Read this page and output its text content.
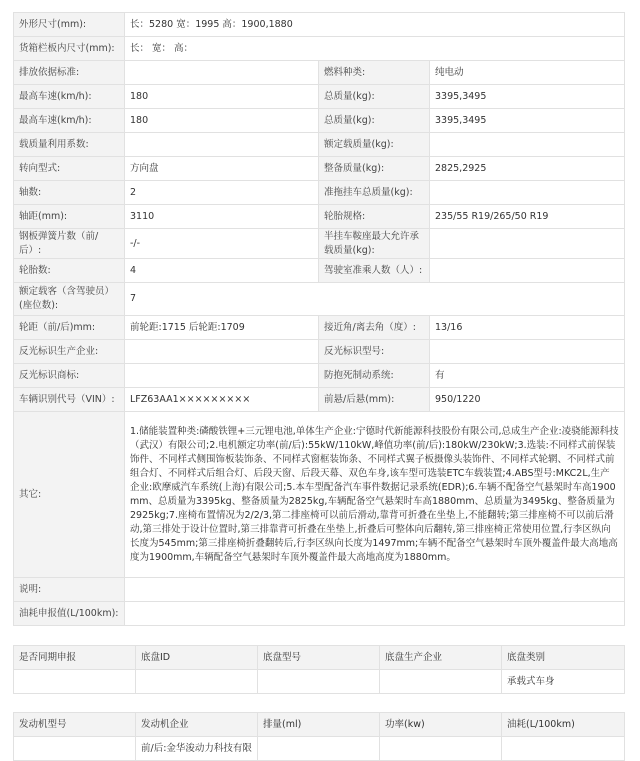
外形尺寸(mm):	长：5280 宽：1995 高：1900,1880		
货箱栏板内尺寸(mm):	长： 宽： 高：		
排放依据标准:		燃料种类:	纯电动
最高车速(km/h):	180	总质量(kg):	3395,3495
最高车速(km/h):	180	总质量(kg):	3395,3495
载质量利用系数:		额定载质量(kg):	
转向型式:	方向盘	整备质量(kg):	2825,2925
轴数:	2	准拖挂车总质量(kg):	
轴距(mm):	3110	轮胎规格:	235/55 R19/265/50 R19
钢板弹簧片数（前/后）:	-/-	半挂车鞍座最大允许承载质量(kg):	
轮胎数:	4	驾驶室准乘人数（人）:	
额定载客（含驾驶员）(座位数):	7		
轮距（前/后)mm:	前轮距:1715 后轮距:1709	接近角/离去角（度）:	13/16
反光标识生产企业:		反光标识型号:	
反光标识商标:		防抱死制动系统:	有
车辆识别代号（VIN）:	LFZ63AA1×××××××××	前悬/后悬(mm):	950/1220
其它:	1.储能装置种类:磷酸铁锂+三元锂电池,单体生产企业:宁德时代新能源科技股份有限公司,总成生产企业:凌骁能源科技（武汉）有限公司;2.电机额定功率(前/后):55kW/110kW,峰值功率(前/后):180kW/230kW;3.选装:不同样式前保装饰件、不同样式侧围饰板装饰条、不同样式窗框装饰条、不同样式翼子板摄像头装饰件、不同样式轮辋、不同样式前组合灯、不同样式后组合灯、后段天窗、后段天幕、双色车身,该车型可选装ETC车载装置;4.ABS型号:MKC2L,生产企业:欧摩威汽车系统(上海)有限公司;5.本车型配备汽车事件数据记录系统(EDR);6.车辆不配备空气悬架时车高1900mm、总质量为3395kg、整备质量为2825kg,车辆配备空气悬架时车高1880mm、总质量为3495kg、整备质量为2925kg;7.座椅布置情况为2/2/3,第二排座椅可以前后滑动,靠背可折叠在坐垫上,不能翻转;第三排座椅不可以前后滑动,第三排处于设计位置时,第三排靠背可折叠在坐垫上,折叠后可整体向后翻转,第三排座椅正常使用位置,行李区纵向长度为545mm;第三排座椅折叠翻转后,行李区纵向长度为1497mm;车辆不配备空气悬架时车顶外覆盖件最大高地高度为1900mm,车辆配备空气悬架时车顶外覆盖件最大高地高度为1880mm。		
说明:			
油耗申报值(L/100km):			
是否同期申报	底盘ID	底盘型号	底盘生产企业	底盘类别
				承载式车身
发动机型号	发动机企业	排量(ml)	功率(kw)	油耗(L/100km)
	前/后:金华浚动力科技有限			
